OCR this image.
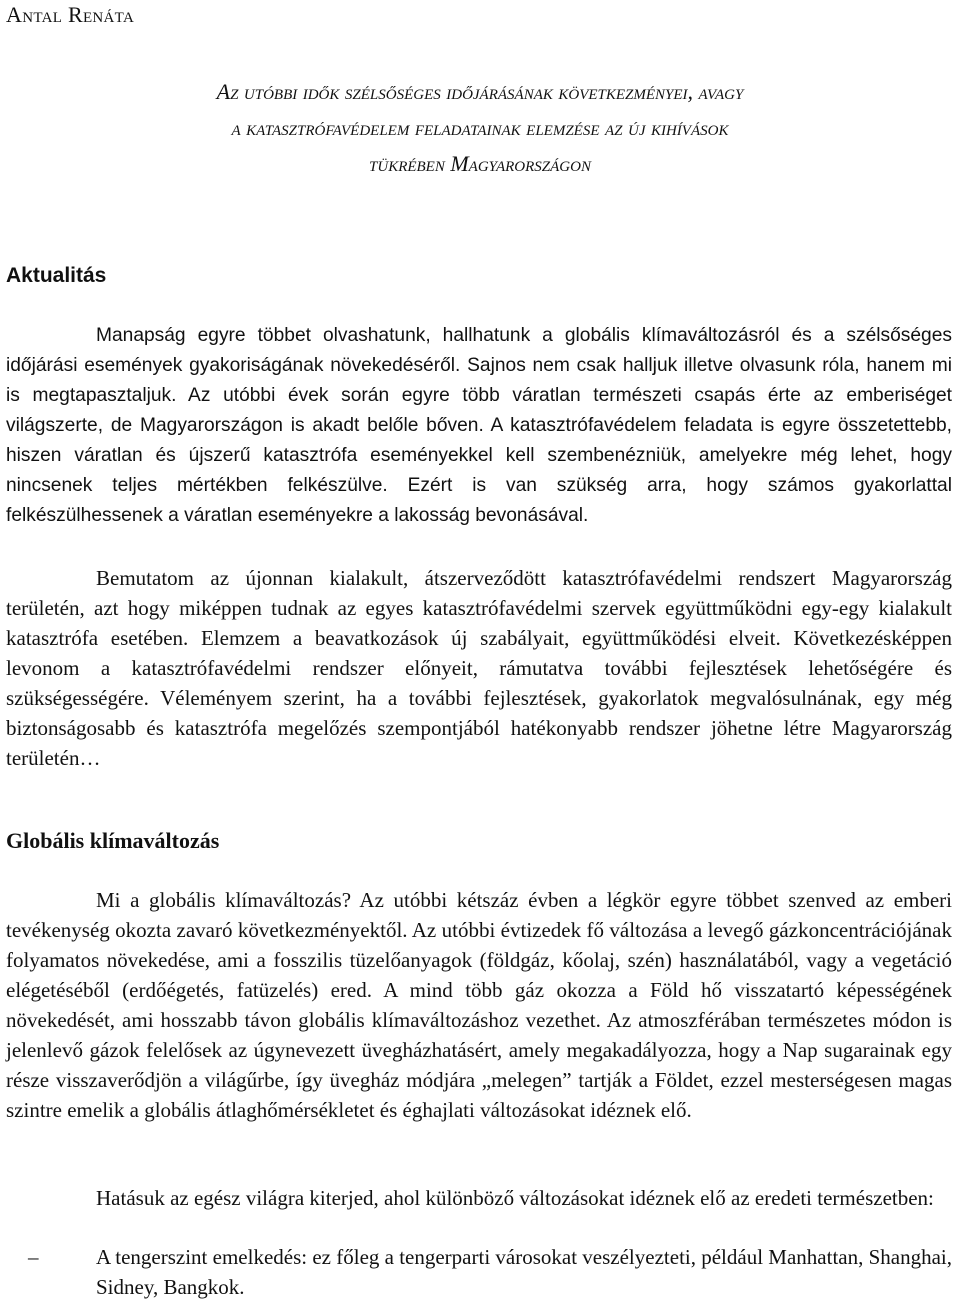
Antal Renáta

Az utóbbi idők szélsőséges időjárásának következményei, avagy
a katasztrófavédelem feladatainak elemzése az új kihívások
tükrében Magyarországon
Aktualitás

Manapság egyre többet olvashatunk, hallhatunk a globális klímaváltozásról és a szélsőséges időjárási események gyakoriságának növekedéséről. Sajnos nem csak halljuk illetve olvasunk róla, hanem mi is megtapasztaljuk. Az utóbbi évek során egyre több váratlan természeti csapás érte az emberiséget világszerte, de Magyarországon is akadt belőle bőven. A katasztrófavédelem feladata is egyre összetettebb, hiszen váratlan és újszerű katasztrófa eseményekkel kell szembenézniük, amelyekre még lehet, hogy nincsenek teljes mértékben felkészülve. Ezért is van szükség arra, hogy számos gyakorlattal felkészülhessenek a váratlan eseményekre a lakosság bevonásával.

Bemutatom az újonnan kialakult, átszerveződött katasztrófavédelmi rendszert Magyarország területén, azt hogy miképpen tudnak az egyes katasztrófavédelmi szervek együttműködni egy-egy kialakult katasztrófa esetében. Elemzem a beavatkozások új szabályait, együttműködési elveit. Következésképpen levonom a katasztrófavédelmi rendszer előnyeit, rámutatva további fejlesztések lehetőségére és szükségességére. Véleményem szerint, ha a további fejlesztések, gyakorlatok megvalósulnának, egy még biztonságosabb és katasztrófa megelőzés szempontjából hatékonyabb rendszer jöhetne létre Magyarország területén…

Globális klímaváltozás

Mi a globális klímaváltozás? Az utóbbi kétszáz évben a légkör egyre többet szenved az emberi tevékenység okozta zavaró következményektől. Az utóbbi évtizedek fő változása a levegő gázkoncentrációjának folyamatos növekedése, ami a fosszilis tüzelőanyagok (földgáz, kőolaj, szén) használatából, vagy a vegetáció elégetéséből (erdőégetés, fatüzelés) ered. A mind több gáz okozza a Föld hő visszatartó képességének növekedését, ami hosszabb távon globális klímaváltozáshoz vezethet. Az atmoszférában természetes módon is jelenlevő gázok felelősek az úgynevezett üvegházhatásért, amely megakadályozza, hogy a Nap sugarainak egy része visszaverődjön a világűrbe, így üvegház módjára „melegen” tartják a Földet, ezzel mesterségesen magas szintre emelik a globális átlaghőmérsékletet és éghajlati változásokat idéznek elő.

Hatásuk az egész világra kiterjed, ahol különböző változásokat idéznek elő az eredeti természetben:

–	A tengerszint emelkedés: ez főleg a tengerparti városokat veszélyezteti, például Manhattan, Shanghai, Sidney, Bangkok.
